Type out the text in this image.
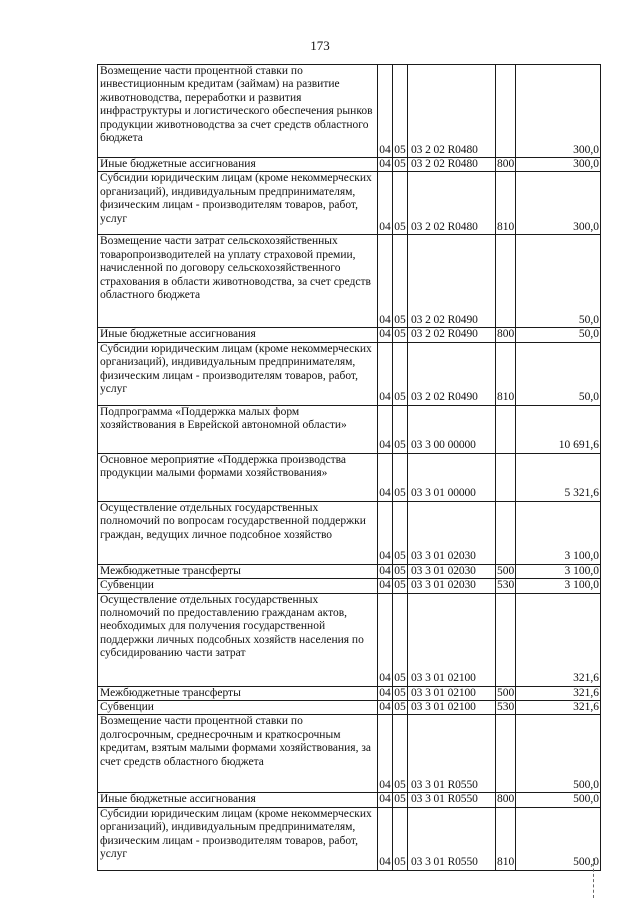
173
Возмещение части процентной ставки по инвестиционным кредитам (займам) на развитие животноводства, переработки и развития инфраструктуры и логистического обеспечения рынков продукции животноводства за счет средств областного бюджета	04	05	03 2 02 R0480		300,0
Иные бюджетные ассигнования	04	05	03 2 02 R0480	800	300,0
Субсидии юридическим лицам (кроме некоммерческих организаций), индивидуальным предпринимателям, физическим лицам - производителям товаров, работ, услуг	04	05	03 2 02 R0480	810	300,0
Возмещение части затрат сельскохозяйственных товаропроизводителей на уплату страховой премии, начисленной по договору сельскохозяйственного страхования в области животноводства, за счет средств областного бюджета	04	05	03 2 02 R0490		50,0
Иные бюджетные ассигнования	04	05	03 2 02 R0490	800	50,0
Субсидии юридическим лицам (кроме некоммерческих организаций), индивидуальным предпринимателям, физическим лицам - производителям товаров, работ, услуг	04	05	03 2 02 R0490	810	50,0
Подпрограмма «Поддержка малых форм хозяйствования в Еврейской автономной области»	04	05	03 3 00 00000		10 691,6
Основное мероприятие «Поддержка производства продукции малыми формами хозяйствования»	04	05	03 3 01 00000		5 321,6
Осуществление отдельных государственных полномочий по вопросам государственной поддержки граждан, ведущих личное подсобное хозяйство	04	05	03 3 01 02030		3 100,0
Межбюджетные трансферты	04	05	03 3 01 02030	500	3 100,0
Субвенции	04	05	03 3 01 02030	530	3 100,0
Осуществление отдельных государственных полномочий по предоставлению гражданам актов, необходимых для получения государственной поддержки личных подсобных хозяйств населения по субсидированию части затрат	04	05	03 3 01 02100		321,6
Межбюджетные трансферты	04	05	03 3 01 02100	500	321,6
Субвенции	04	05	03 3 01 02100	530	321,6
Возмещение части процентной ставки по долгосрочным, среднесрочным и краткосрочным кредитам, взятым малыми формами хозяйствования, за счет средств областного бюджета	04	05	03 3 01 R0550		500,0
Иные бюджетные ассигнования	04	05	03 3 01 R0550	800	500,0
Субсидии юридическим лицам (кроме некоммерческих организаций), индивидуальным предпринимателям, физическим лицам - производителям товаров, работ, услуг	04	05	03 3 01 R0550	810	500,0
